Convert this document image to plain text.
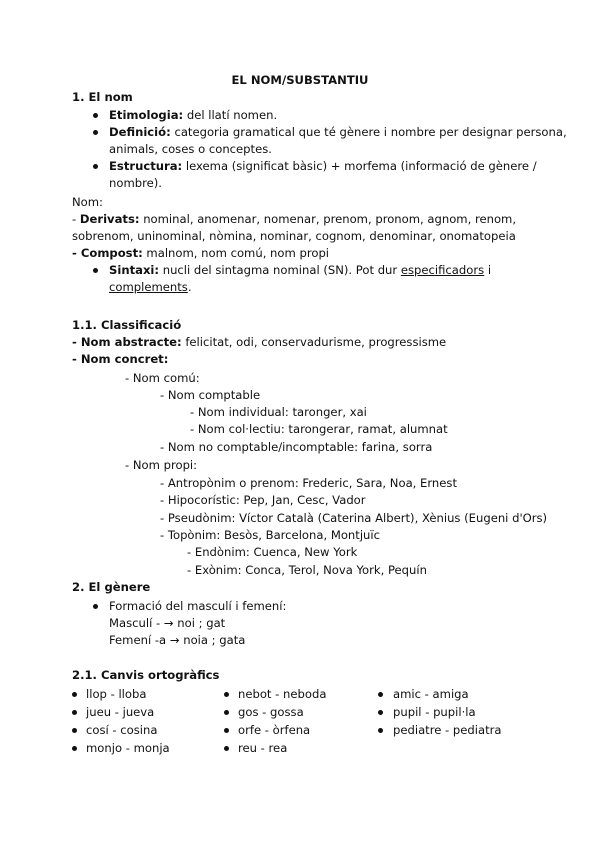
EL NOM/SUBSTANTIU
1. El nom
Etimologia: del llatí nomen.
Definició: categoria gramatical que té gènere i nombre per designar persona,
animals, coses o conceptes.
Estructura: lexema (significat bàsic) + morfema (informació de gènere /
nombre).
Nom:
- Derivats: nominal, anomenar, nomenar, prenom, pronom, agnom, renom,
sobrenom, uninominal, nòmina, nominar, cognom, denominar, onomatopeia
- Compost: malnom, nom comú, nom propi
Sintaxi: nucli del sintagma nominal (SN). Pot dur especificadors i
complements.
1.1. Classificació
- Nom abstracte: felicitat, odi, conservadurisme, progressisme
- Nom concret:
- Nom comú:
- Nom comptable
- Nom individual: taronger, xai
- Nom col·lectiu: tarongerar, ramat, alumnat
- Nom no comptable/incomptable: farina, sorra
- Nom propi:
- Antropònim o prenom: Frederic, Sara, Noa, Ernest
- Hipocorístic: Pep, Jan, Cesc, Vador
- Pseudònim: Víctor Català (Caterina Albert), Xènius (Eugeni d'Ors)
- Topònim: Besòs, Barcelona, Montjuïc
- Endònim: Cuenca, New York
- Exònim: Conca, Terol, Nova York, Pequín
2. El gènere
Formació del masculí i femení:
Masculí - → noi ; gat
Femení -a → noia ; gata
2.1. Canvis ortogràfics
llop - lloba
jueu - jueva
cosí - cosina
monjo - monja
nebot - neboda
gos - gossa
orfe - òrfena
reu - rea
amic - amiga
pupil - pupil·la
pediatre - pediatra
